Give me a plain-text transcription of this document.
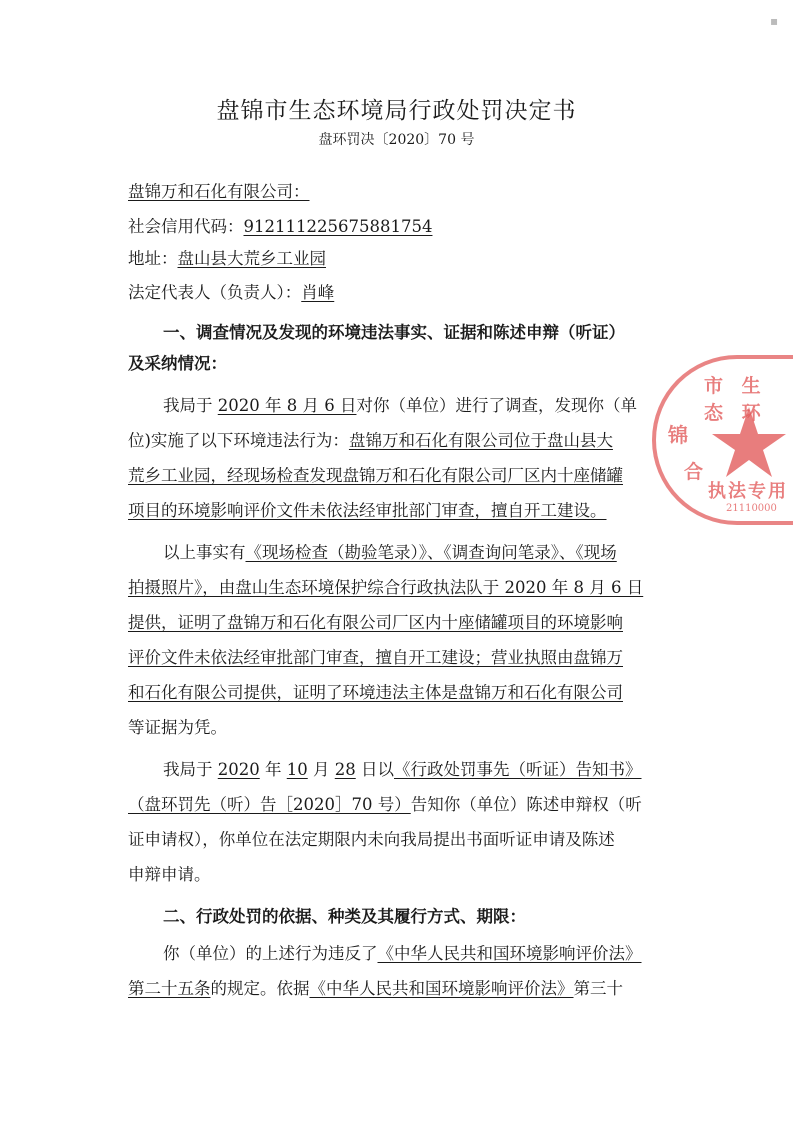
▪
盘锦市生态环境局行政处罚决定书
盘环罚决〔2020〕70 号
盘锦万和石化有限公司：
社会信用代码：912111225675881754
地址：盘山县大荒乡工业园
法定代表人（负责人）：肖峰
一、调查情况及发现的环境违法事实、证据和陈述申辩（听证）
及采纳情况：
我局于 2020 年 8 月 6 日对你（单位）进行了调查，发现你（单
位)实施了以下环境违法行为：盘锦万和石化有限公司位于盘山县大
荒乡工业园，经现场检查发现盘锦万和石化有限公司厂区内十座储罐
项目的环境影响评价文件未依法经审批部门审查，擅自开工建设。
以上事实有《现场检查（勘验笔录）》、《调查询问笔录》、《现场
拍摄照片》，由盘山生态环境保护综合行政执法队于 2020 年 8 月 6 日
提供，证明了盘锦万和石化有限公司厂区内十座储罐项目的环境影响
评价文件未依法经审批部门审查，擅自开工建设；营业执照由盘锦万
和石化有限公司提供，证明了环境违法主体是盘锦万和石化有限公司
等证据为凭。
我局于 2020 年 10 月 28 日以《行政处罚事先（听证）告知书》
（盘环罚先（听）告［2020］70 号）告知你（单位）陈述申辩权（听
证申请权），你单位在法定期限内未向我局提出书面听证申请及陈述
申辩申请。
二、行政处罚的依据、种类及其履行方式、期限：
你（单位）的上述行为违反了《中华人民共和国环境影响评价法》
第二十五条的规定。依据《中华人民共和国环境影响评价法》第三十
市 生 态 环
锦
合
执法专用
21110000
